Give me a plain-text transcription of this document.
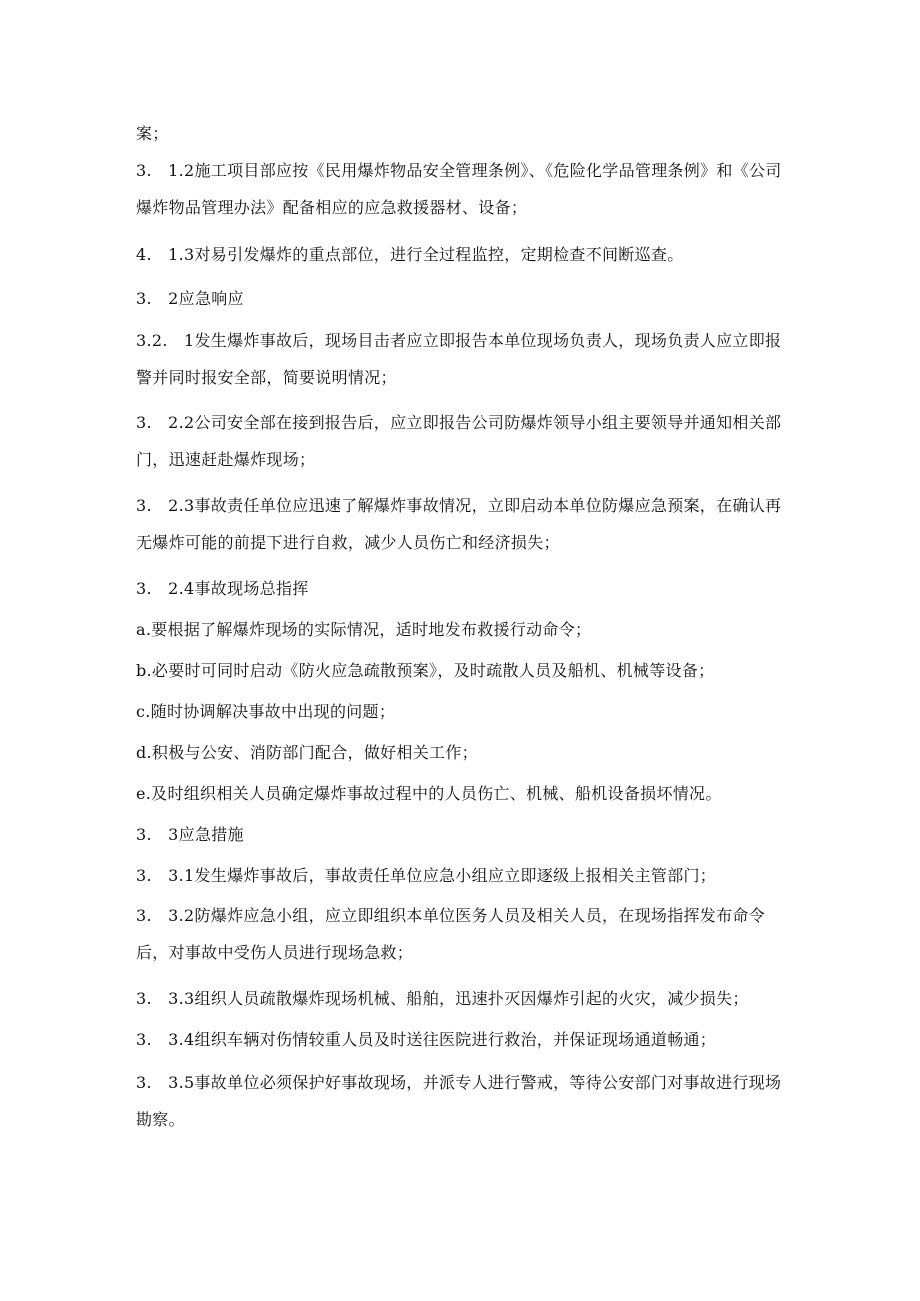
案；

3.　1.2施工项目部应按《民用爆炸物品安全管理条例》、《危险化学品管理条例》和《公司爆炸物品管理办法》配备相应的应急救援器材、设备；

4.　1.3对易引发爆炸的重点部位，进行全过程监控，定期检查不间断巡查。

3.　2应急响应

3.2.　1发生爆炸事故后，现场目击者应立即报告本单位现场负责人，现场负责人应立即报警并同时报安全部，简要说明情况；

3.　2.2公司安全部在接到报告后，应立即报告公司防爆炸领导小组主要领导并通知相关部门，迅速赶赴爆炸现场；

3.　2.3事故责任单位应迅速了解爆炸事故情况，立即启动本单位防爆应急预案，在确认再无爆炸可能的前提下进行自救，减少人员伤亡和经济损失；

3.　2.4事故现场总指挥

a.要根据了解爆炸现场的实际情况，适时地发布救援行动命令；

b.必要时可同时启动《防火应急疏散预案》，及时疏散人员及船机、机械等设备；

c.随时协调解决事故中出现的问题；

d.积极与公安、消防部门配合，做好相关工作；

e.及时组织相关人员确定爆炸事故过程中的人员伤亡、机械、船机设备损坏情况。

3.　3应急措施

3.　3.1发生爆炸事故后，事故责任单位应急小组应立即逐级上报相关主管部门；

3.　3.2防爆炸应急小组，应立即组织本单位医务人员及相关人员，在现场指挥发布命令后，对事故中受伤人员进行现场急救；

3.　3.3组织人员疏散爆炸现场机械、船舶，迅速扑灭因爆炸引起的火灾，减少损失；

3.　3.4组织车辆对伤情较重人员及时送往医院进行救治，并保证现场通道畅通；

3.　3.5事故单位必须保护好事故现场，并派专人进行警戒，等待公安部门对事故进行现场勘察。
